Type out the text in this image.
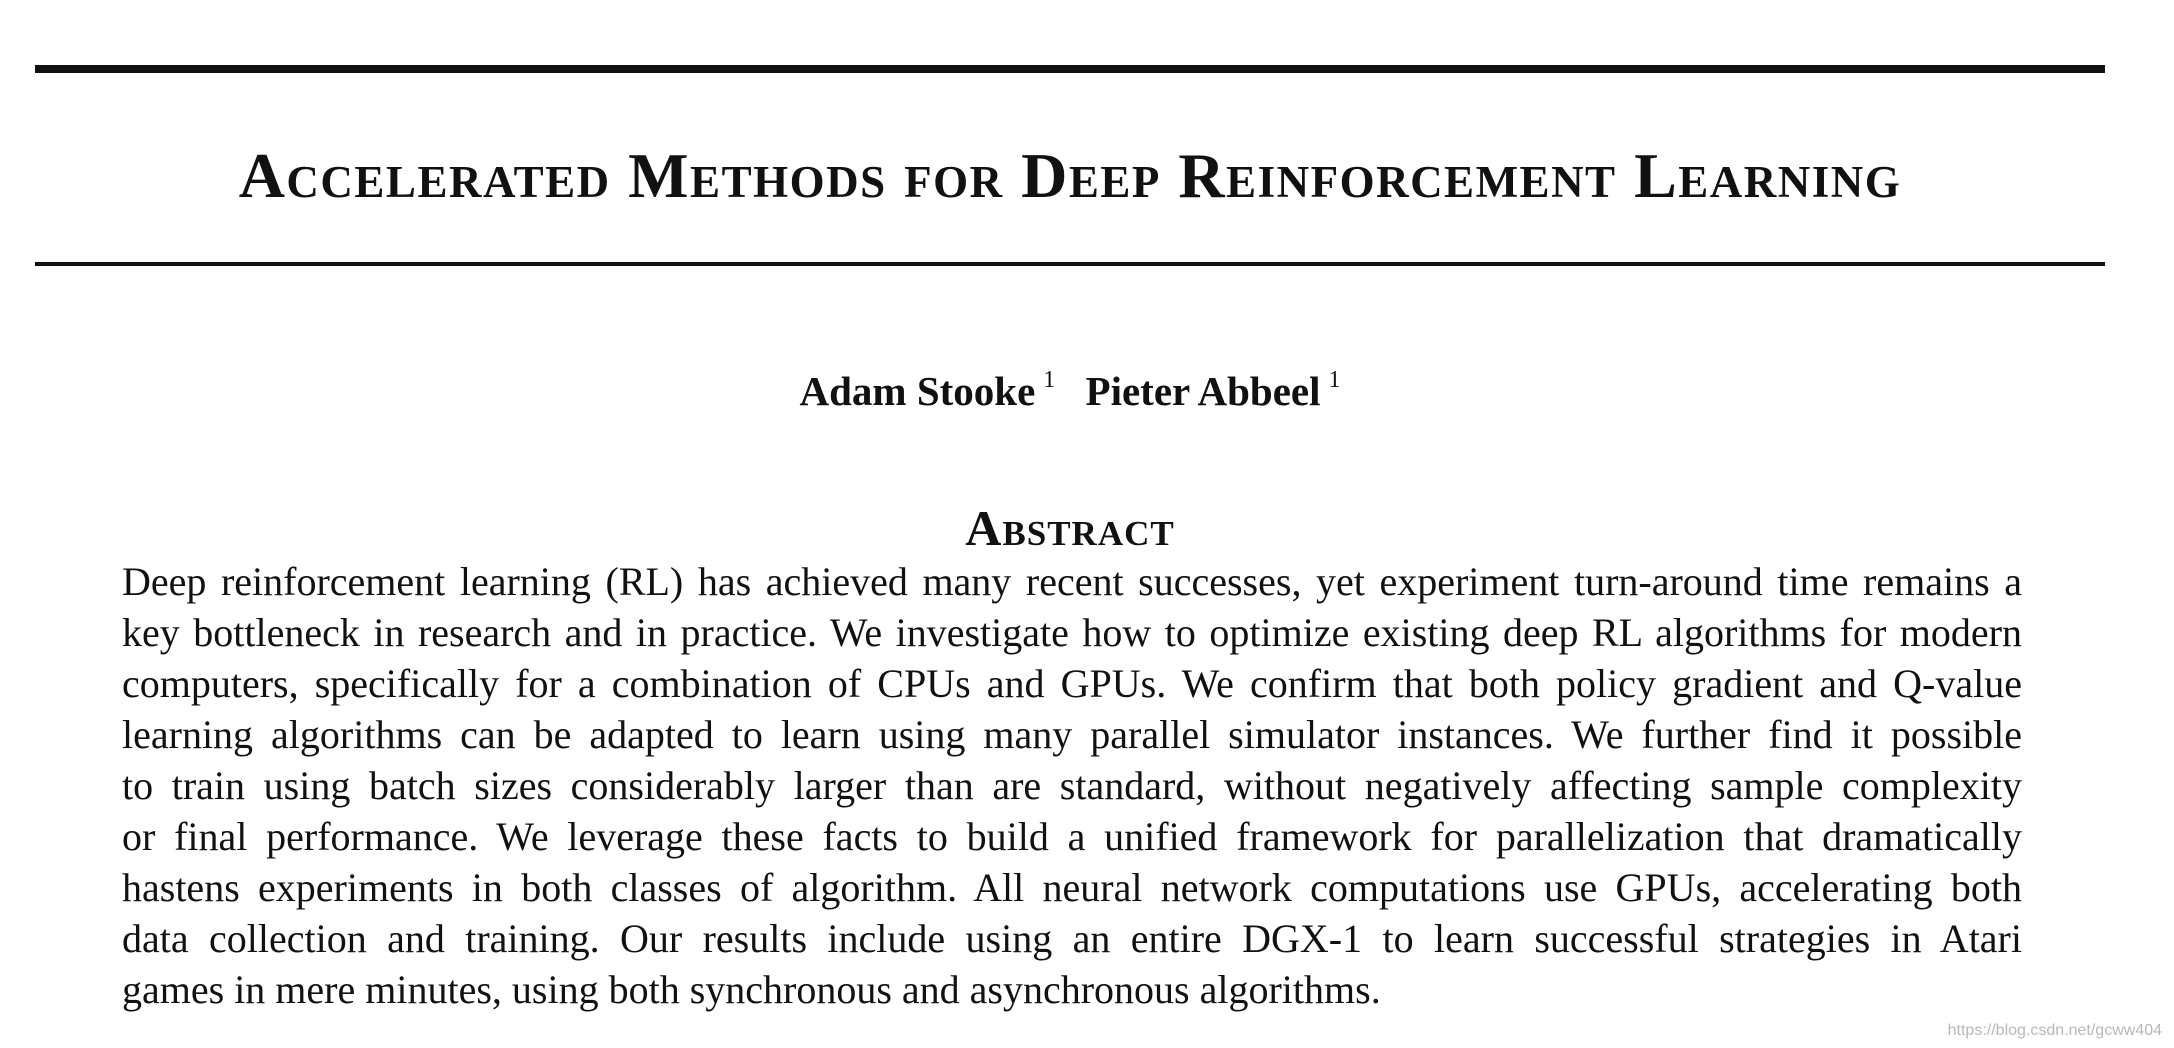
Accelerated Methods for Deep Reinforcement Learning
Adam Stooke $^1$ Pieter Abbeel $^1$
Abstract
Deep reinforcement learning (RL) has achieved many recent successes, yet experiment turn-around time remains a
key bottleneck in research and in practice. We investigate how to optimize existing deep RL algorithms for modern
computers, specifically for a combination of CPUs and GPUs. We confirm that both policy gradient and Q-value
learning algorithms can be adapted to learn using many parallel simulator instances. We further find it possible
to train using batch sizes considerably larger than are standard, without negatively affecting sample complexity
or final performance. We leverage these facts to build a unified framework for parallelization that dramatically
hastens experiments in both classes of algorithm. All neural network computations use GPUs, accelerating both
data collection and training. Our results include using an entire DGX-1 to learn successful strategies in Atari
games in mere minutes, using both synchronous and asynchronous algorithms.
https://blog.csdn.net/gcww404
